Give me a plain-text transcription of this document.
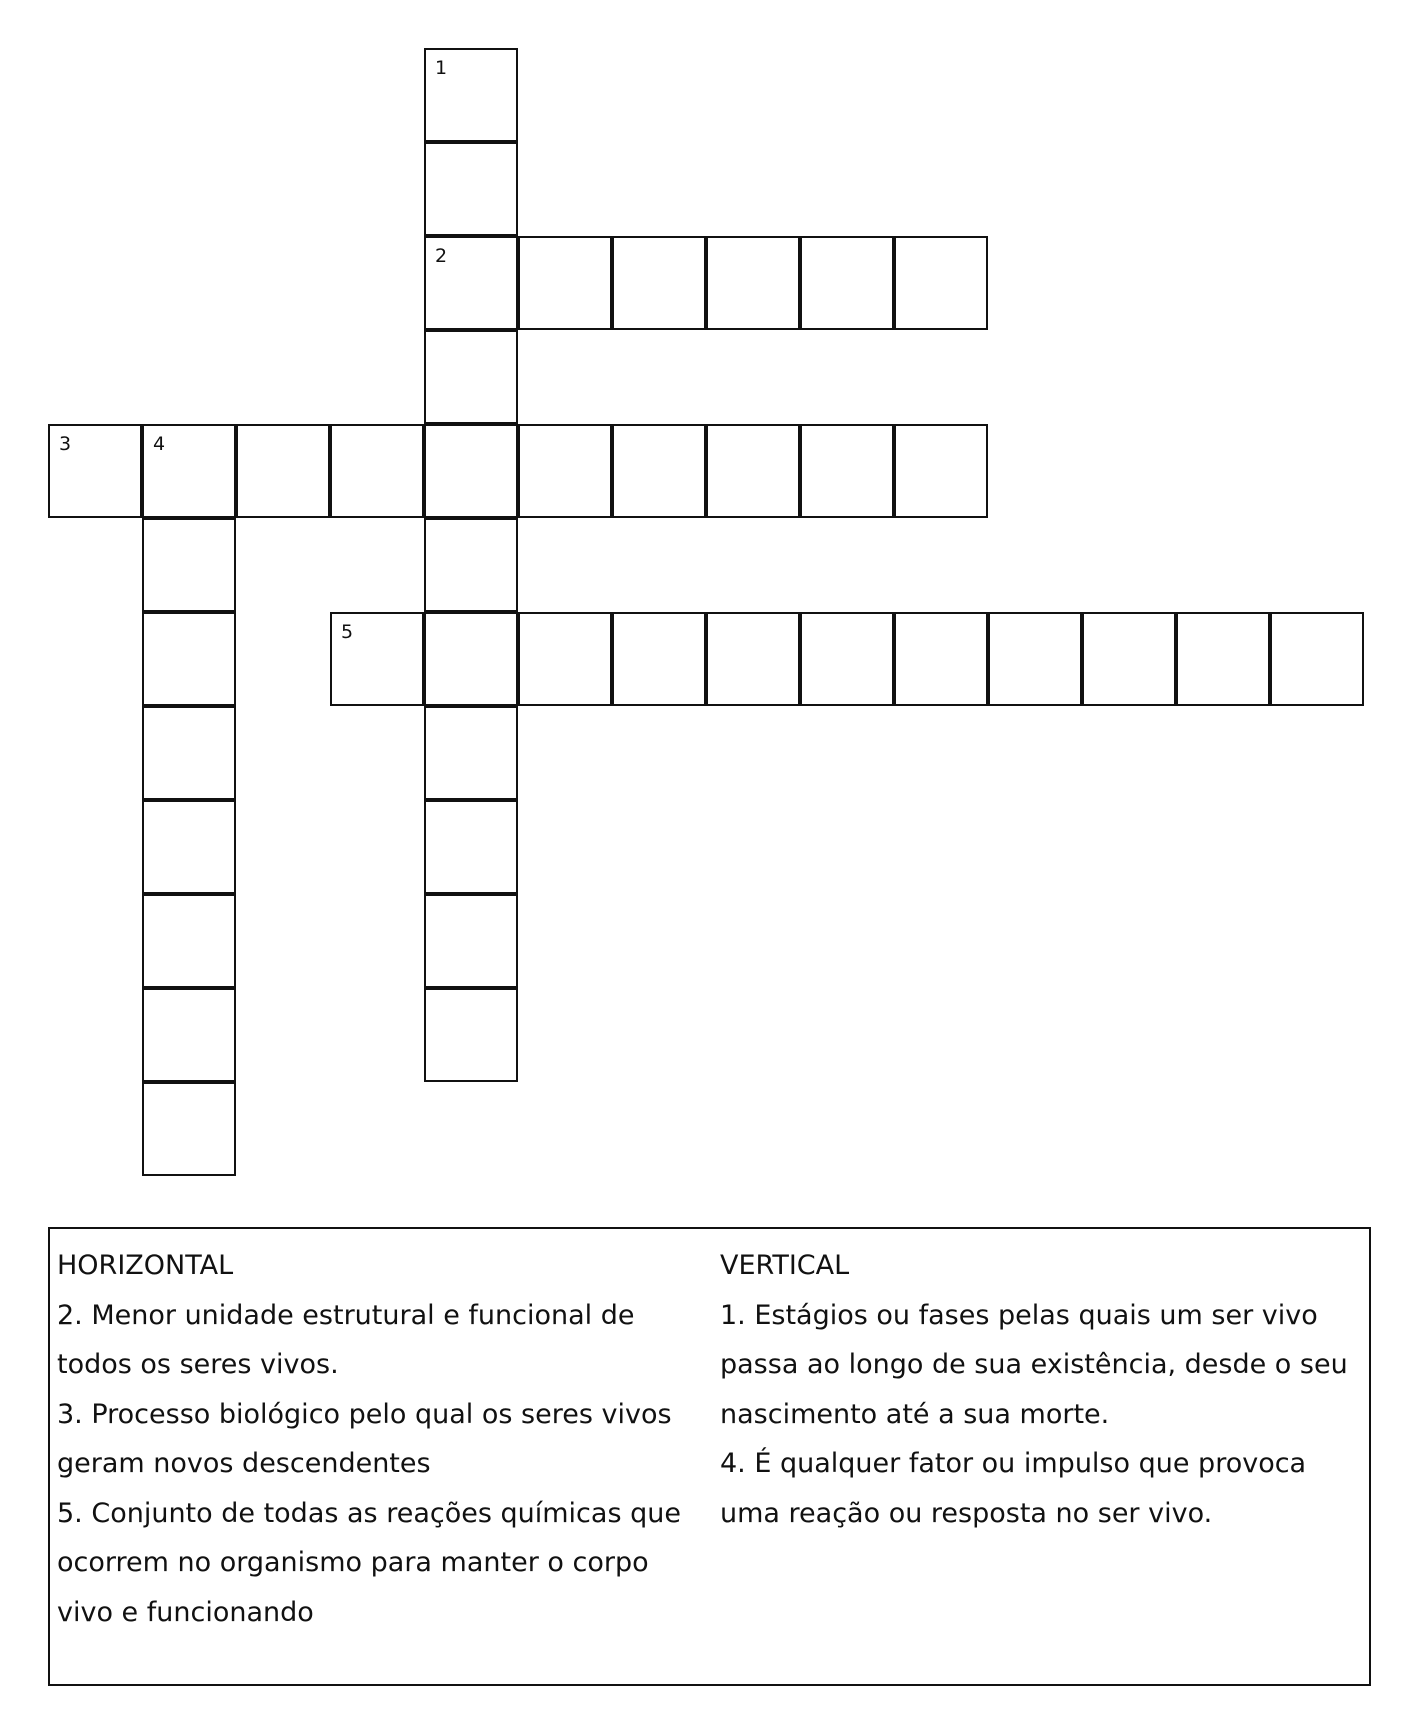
1
2
3	4
5
HORIZONTAL
2. Menor unidade estrutural e funcional de todos os seres vivos.
3. Processo biológico pelo qual os seres vivos geram novos descendentes
5. Conjunto de todas as reações químicas que ocorrem no organismo para manter o corpo vivo e funcionando
VERTICAL
1. Estágios ou fases pelas quais um ser vivo passa ao longo de sua existência, desde o seu nascimento até a sua morte.
4. É qualquer fator ou impulso que provoca uma reação ou resposta no ser vivo.
